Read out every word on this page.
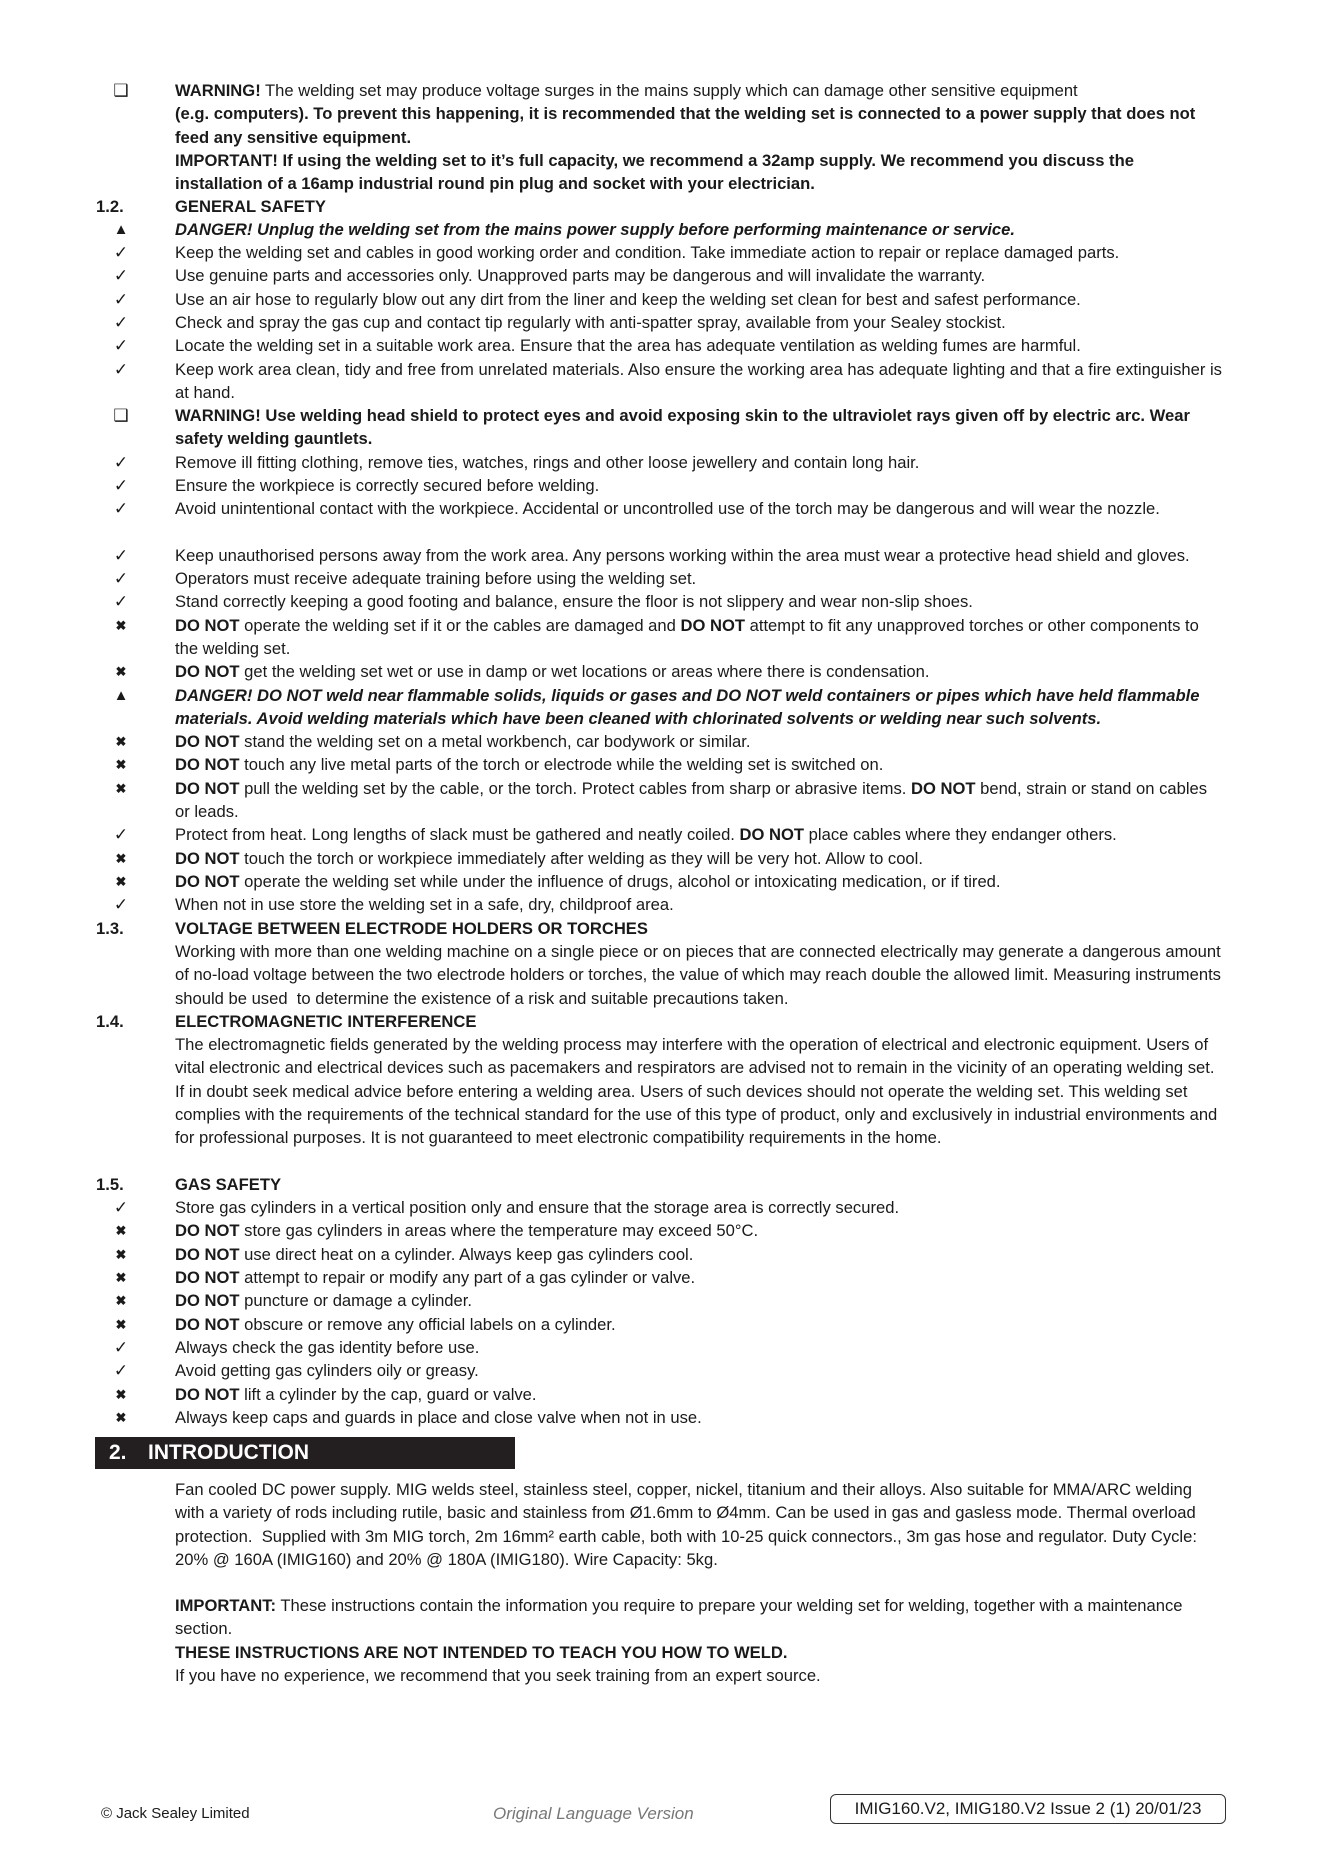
❑	WARNING! The welding set may produce voltage surges in the mains supply which can damage other sensitive equipment
(e.g. computers). To prevent this happening, it is recommended that the welding set is connected to a power supply that does not feed any sensitive equipment.
IMPORTANT! If using the welding set to it’s full capacity, we recommend a 32amp supply. We recommend you discuss the installation of a 16amp industrial round pin plug and socket with your electrician.
1.2.	GENERAL SAFETY
▲	DANGER! Unplug the welding set from the mains power supply before performing maintenance or service.
✓	Keep the welding set and cables in good working order and condition. Take immediate action to repair or replace damaged parts.
✓	Use genuine parts and accessories only. Unapproved parts may be dangerous and will invalidate the warranty.
✓	Use an air hose to regularly blow out any dirt from the liner and keep the welding set clean for best and safest performance.
✓	Check and spray the gas cup and contact tip regularly with anti-spatter spray, available from your Sealey stockist.
✓	Locate the welding set in a suitable work area. Ensure that the area has adequate ventilation as welding fumes are harmful.
✓	Keep work area clean, tidy and free from unrelated materials. Also ensure the working area has adequate lighting and that a fire extinguisher is at hand.
❑	WARNING! Use welding head shield to protect eyes and avoid exposing skin to the ultraviolet rays given off by electric arc. Wear safety welding gauntlets.
✓	Remove ill fitting clothing, remove ties, watches, rings and other loose jewellery and contain long hair.
✓	Ensure the workpiece is correctly secured before welding.
✓	Avoid unintentional contact with the workpiece. Accidental or uncontrolled use of the torch may be dangerous and will wear the nozzle.
✓	Keep unauthorised persons away from the work area. Any persons working within the area must wear a protective head shield and gloves.
✓	Operators must receive adequate training before using the welding set.
✓	Stand correctly keeping a good footing and balance, ensure the floor is not slippery and wear non-slip shoes.
✖	DO NOT operate the welding set if it or the cables are damaged and DO NOT attempt to fit any unapproved torches or other components to the welding set.
✖	DO NOT get the welding set wet or use in damp or wet locations or areas where there is condensation.
▲	DANGER! DO NOT weld near flammable solids, liquids or gases and DO NOT weld containers or pipes which have held flammable materials. Avoid welding materials which have been cleaned with chlorinated solvents or welding near such solvents.
✖	DO NOT stand the welding set on a metal workbench, car bodywork or similar.
✖	DO NOT touch any live metal parts of the torch or electrode while the welding set is switched on.
✖	DO NOT pull the welding set by the cable, or the torch. Protect cables from sharp or abrasive items. DO NOT bend, strain or stand on cables or leads.
✓	Protect from heat. Long lengths of slack must be gathered and neatly coiled. DO NOT place cables where they endanger others.
✖	DO NOT touch the torch or workpiece immediately after welding as they will be very hot. Allow to cool.
✖	DO NOT operate the welding set while under the influence of drugs, alcohol or intoxicating medication, or if tired.
✓	When not in use store the welding set in a safe, dry, childproof area.
1.3.	VOLTAGE BETWEEN ELECTRODE HOLDERS OR TORCHES
Working with more than one welding machine on a single piece or on pieces that are connected electrically may generate a dangerous amount of no-load voltage between the two electrode holders or torches, the value of which may reach double the allowed limit. Measuring instruments should be used  to determine the existence of a risk and suitable precautions taken.
1.4.	ELECTROMAGNETIC INTERFERENCE
The electromagnetic fields generated by the welding process may interfere with the operation of electrical and electronic equipment. Users of vital electronic and electrical devices such as pacemakers and respirators are advised not to remain in the vicinity of an operating welding set. If in doubt seek medical advice before entering a welding area. Users of such devices should not operate the welding set. This welding set complies with the requirements of the technical standard for the use of this type of product, only and exclusively in industrial environments and for professional purposes. It is not guaranteed to meet electronic compatibility requirements in the home.
1.5.	GAS SAFETY
✓	Store gas cylinders in a vertical position only and ensure that the storage area is correctly secured.
✖	DO NOT store gas cylinders in areas where the temperature may exceed 50°C.
✖	DO NOT use direct heat on a cylinder. Always keep gas cylinders cool.
✖	DO NOT attempt to repair or modify any part of a gas cylinder or valve.
✖	DO NOT puncture or damage a cylinder.
✖	DO NOT obscure or remove any official labels on a cylinder.
✓	Always check the gas identity before use.
✓	Avoid getting gas cylinders oily or greasy.
✖	DO NOT lift a cylinder by the cap, guard or valve.
✖	Always keep caps and guards in place and close valve when not in use.
Fan cooled DC power supply. MIG welds steel, stainless steel, copper, nickel, titanium and their alloys. Also suitable for MMA/ARC welding with a variety of rods including rutile, basic and stainless from Ø1.6mm to Ø4mm. Can be used in gas and gasless mode. Thermal overload protection.  Supplied with 3m MIG torch, 2m 16mm² earth cable, both with 10-25 quick connectors., 3m gas hose and regulator. Duty Cycle: 20% @ 160A (IMIG160) and 20% @ 180A (IMIG180). Wire Capacity: 5kg.
IMPORTANT: These instructions contain the information you require to prepare your welding set for welding, together with a maintenance section.
THESE INSTRUCTIONS ARE NOT INTENDED TO TEACH YOU HOW TO WELD.
If you have no experience, we recommend that you seek training from an expert source.
2. INTRODUCTION
© Jack Sealey Limited	Original Language Version	IMIG160.V2, IMIG180.V2 Issue 2 (1) 20/01/23
